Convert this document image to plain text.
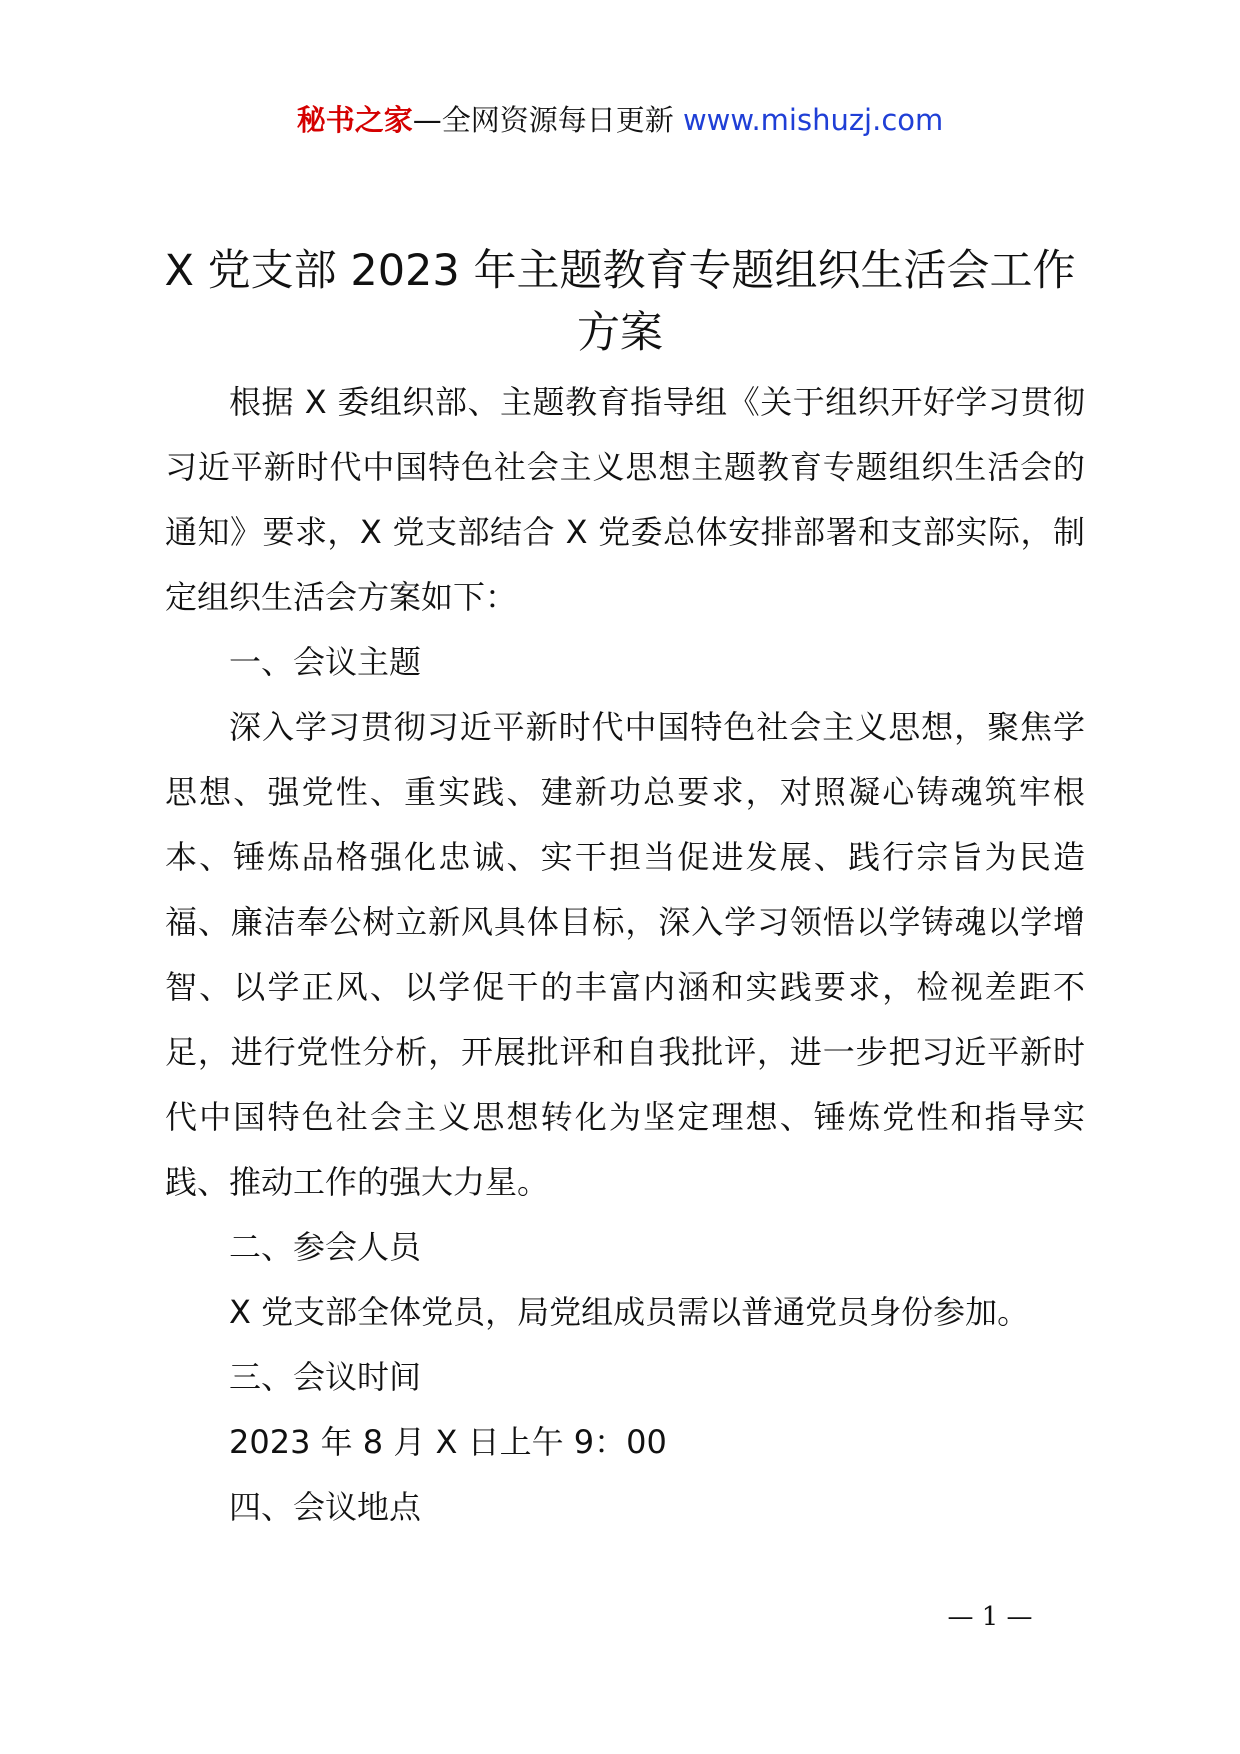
秘书之家—全网资源每日更新 www.mishuzj.com
X 党支部 2023 年主题教育专题组织生活会工作方案

根据 X 委组织部、主题教育指导组《关于组织开好学习贯彻习近平新时代中国特色社会主义思想主题教育专题组织生活会的通知》要求，X 党支部结合 X 党委总体安排部署和支部实际，制定组织生活会方案如下：

一、会议主题

深入学习贯彻习近平新时代中国特色社会主义思想，聚焦学思想、强党性、重实践、建新功总要求，对照凝心铸魂筑牢根本、锤炼品格强化忠诚、实干担当促进发展、践行宗旨为民造福、廉洁奉公树立新风具体目标，深入学习领悟以学铸魂以学增智、以学正风、以学促干的丰富内涵和实践要求，检视差距不足，进行党性分析，开展批评和自我批评，进一步把习近平新时代中国特色社会主义思想转化为坚定理想、锤炼党性和指导实践、推动工作的强大力星。

二、参会人员

X 党支部全体党员，局党组成员需以普通党员身份参加。

三、会议时间

2023 年 8 月 X 日上午 9：00

四、会议地点

— 1 —
